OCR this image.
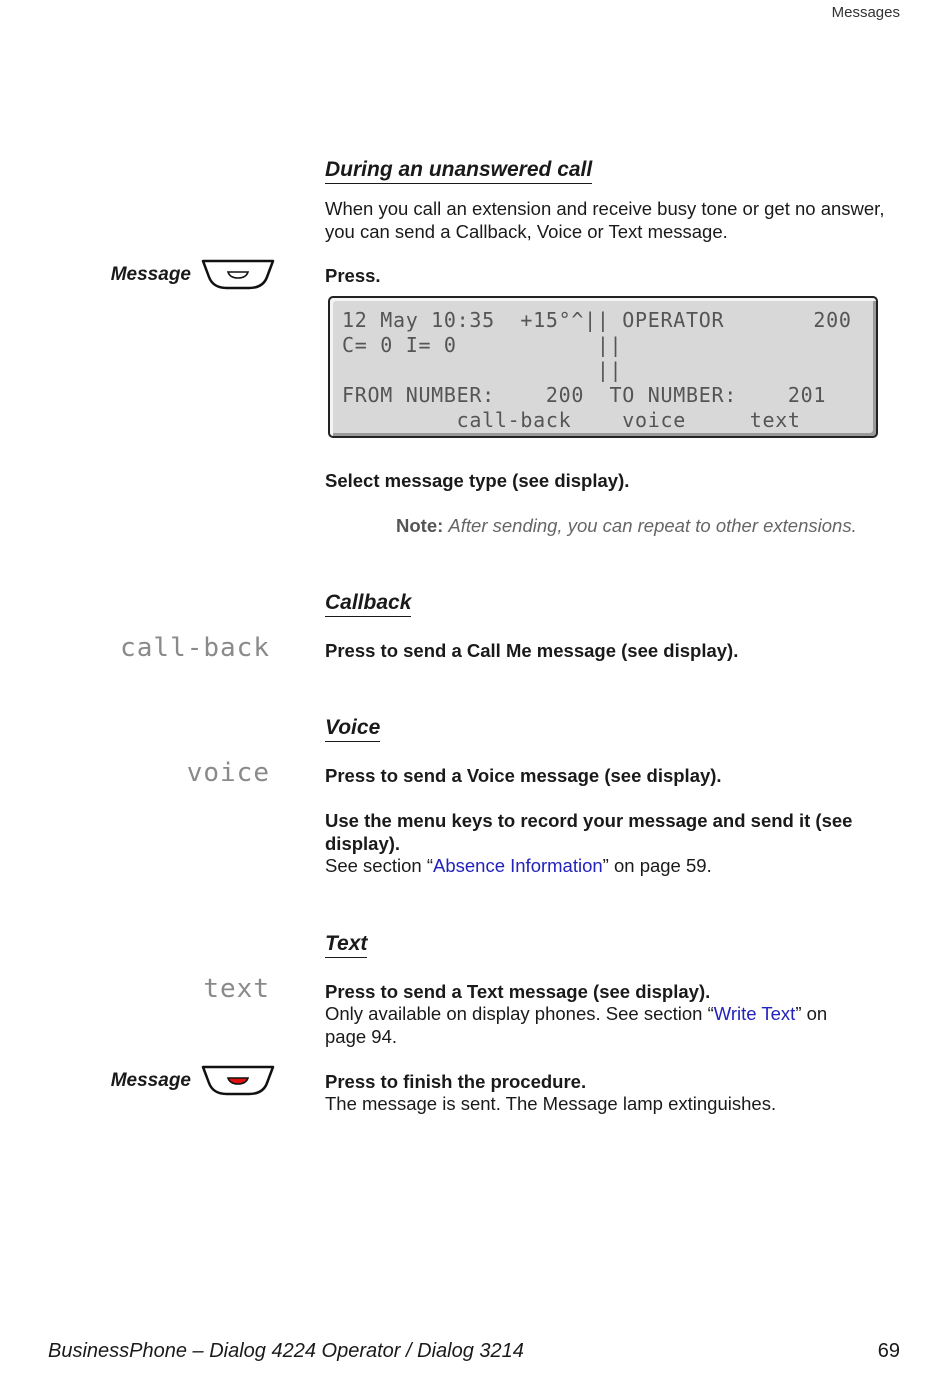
Messages
During an unanswered call
When you call an extension and receive busy tone or get no answer, you can send a Callback, Voice or Text message.
Message	Press.
12 May 10:35  +15°^|| OPERATOR       200
C= 0 I= 0           ||
||
FROM NUMBER:    200  TO NUMBER:    201
call-back    voice     text
Select message type (see display).
Note: After sending, you can repeat to other extensions.
Callback
call-back	Press to send a Call Me message (see display).
Voice
voice	Press to send a Voice message (see display).
Use the menu keys to record your message and send it (see display).
See section “Absence Information” on page 59.
Text
text	Press to send a Text message (see display).
Only available on display phones. See section “Write Text” on page 94.
Message	Press to finish the procedure.
The message is sent. The Message lamp extinguishes.
BusinessPhone – Dialog 4224 Operator / Dialog 3214	69
